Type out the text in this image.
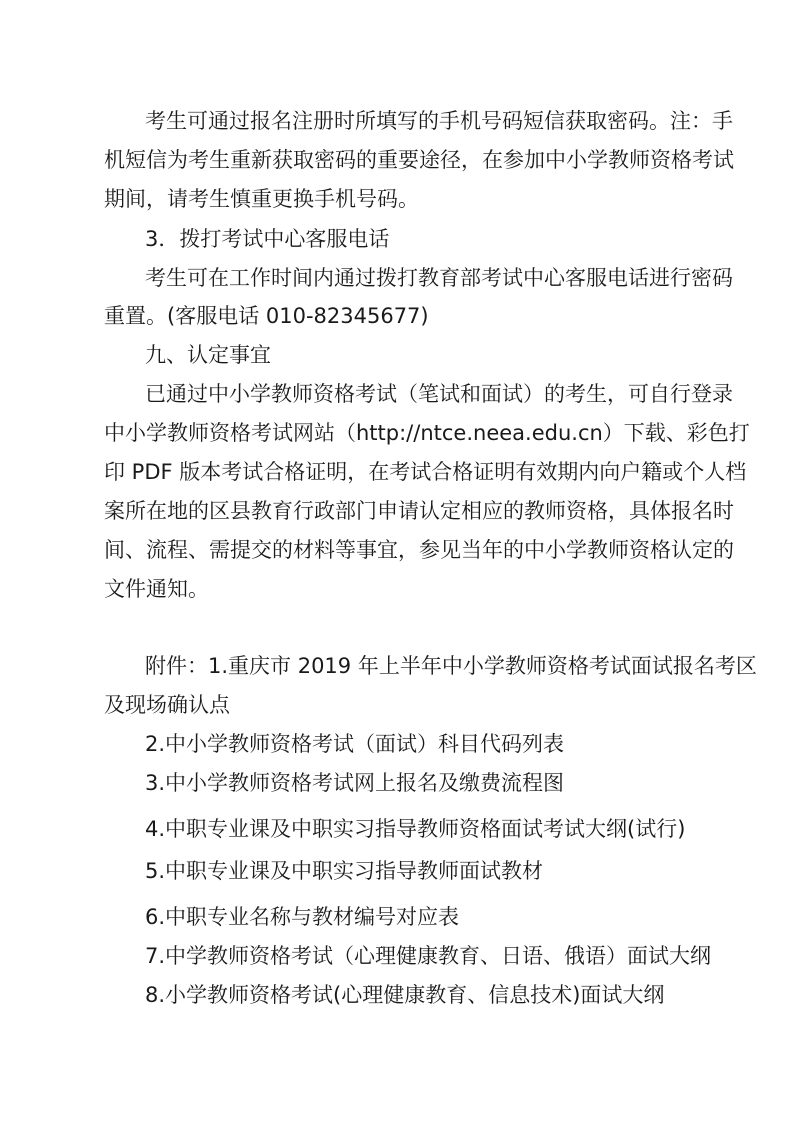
考生可通过报名注册时所填写的手机号码短信获取密码。注：手
机短信为考生重新获取密码的重要途径，在参加中小学教师资格考试
期间，请考生慎重更换手机号码。
3．拨打考试中心客服电话
考生可在工作时间内通过拨打教育部考试中心客服电话进行密码
重置。(客服电话 010-82345677)
九、认定事宜
已通过中小学教师资格考试（笔试和面试）的考生，可自行登录
中小学教师资格考试网站（http://ntce.neea.edu.cn）下载、彩色打
印 PDF 版本考试合格证明，在考试合格证明有效期内向户籍或个人档
案所在地的区县教育行政部门申请认定相应的教师资格，具体报名时
间、流程、需提交的材料等事宜，参见当年的中小学教师资格认定的
文件通知。
附件：1.重庆市 2019 年上半年中小学教师资格考试面试报名考区
及现场确认点
2.中小学教师资格考试（面试）科目代码列表
3.中小学教师资格考试网上报名及缴费流程图
4.中职专业课及中职实习指导教师资格面试考试大纲(试行)
5.中职专业课及中职实习指导教师面试教材
6.中职专业名称与教材编号对应表
7.中学教师资格考试（心理健康教育、日语、俄语）面试大纲
8.小学教师资格考试(心理健康教育、信息技术)面试大纲
